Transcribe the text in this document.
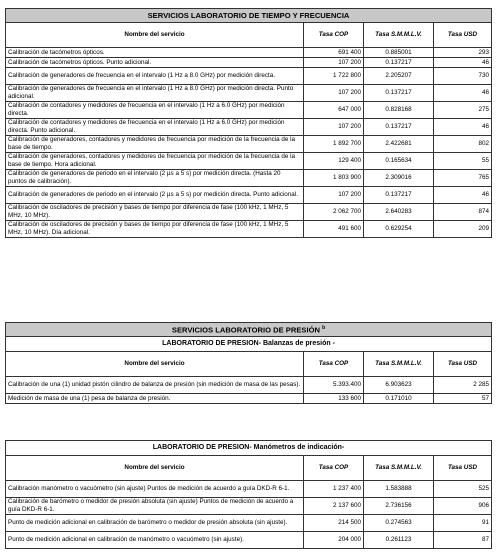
SERVICIOS LABORATORIO DE TIEMPO Y FRECUENCIA			
Nombre del servicio	Tasa COP	Tasa S.M.M.L.V.	Tasa USD
Calibración de tacómetros ópticos.	691 400	0.885001	293
Calibración de tacómetros ópticos. Punto adicional.	107 200	0.137217	46
Calibración de generadores de frecuencia en el intervalo (1 Hz a 8.0 GHz) por medición directa.	1 722 800	2.205207	730
Calibración de generadores de frecuencia en el intervalo (1 Hz a 8.0 GHz) por medición directa. Punto adicional.	107 200	0.137217	46
Calibración de contadores y medidores de frecuencia en el intervalo (1 Hz a 6.0 GHz) por medición directa.	647 000	0.828168	275
Calibración de contadores y medidores de frecuencia en el intervalo (1 Hz a 6.0 GHz) por medición directa. Punto adicional.	107 200	0.137217	46
Calibración de generadores, contadores y medidores de frecuencia por medición de la frecuencia de la base de tiempo.	1 892 700	2.422681	802
Calibración de generadores, contadores y medidores de frecuencia por medición de la frecuencia de la base de tiempo. Hora adicional.	129 400	0.165634	55
Calibración de generadores de periodo en el intervalo (2 µs a 5 s) por medición directa. (Hasta 20 puntos de calibración).	1 803 900	2.309016	765
Calibración de generadores de periodo en el intervalo (2 µs a 5 s) por medición directa. Punto adicional.	107 200	0.137217	46
Calibración de osciladores de precisión y bases de tiempo por diferencia de fase (100 kHz, 1 MHz, 5 MHz, 10 MHz).	2 062 700	2.640283	874
Calibración de osciladores de precisión y bases de tiempo por diferencia de fase (100 kHz, 1 MHz, 5 MHz, 10 MHz). Día adicional.	491 600	0.629254	209
SERVICIOS LABORATORIO DE PRESIÓN $^b$
LABORATORIO DE PRESION- Balanzas de presión -			
Nombre del servicio	Tasa COP	Tasa S.M.M.L.V.	Tasa USD
Calibración de una (1) unidad pistón cilindro de balanza de presión (sin medición de masa de las pesas).	5.393.400	6.903623	2 285
Medición de masa de una (1) pesa de balanza de presión.	133 600	0.171010	57
LABORATORIO DE PRESION- Manómetros de indicación-			
Nombre del servicio	Tasa COP	Tasa S.M.M.L.V.	Tasa USD
Calibración manómetro o vacuómetro (sin ajuste) Puntos de medición de acuerdo a guía DKD-R 6-1.	1 237 400	1.583888	525
Calibración de barómetro o medidor de presión absoluta (sin ajuste) Puntos de medición de acuerdo a guía DKD-R 6-1.	2 137 600	2.736156	906
Punto de medición adicional en calibración de barómetro o medidor de presión absoluta (sin ajuste).	214 500	0.274563	91
Punto de medición adicional en calibración de manómetro o vacuómetro (sin ajuste).	204 000	0.261123	87
